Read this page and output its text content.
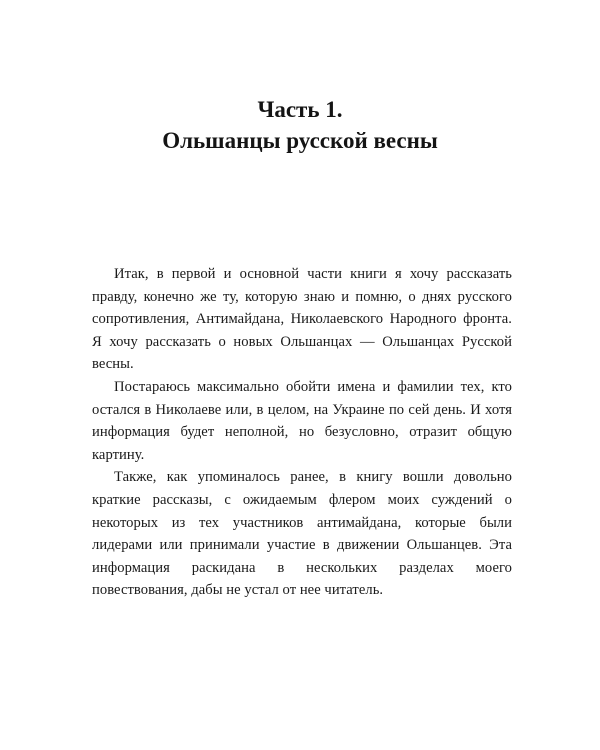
Часть 1.
Ольшанцы русской весны

Итак, в первой и основной части книги я хочу рассказать правду, конечно же ту, которую знаю и помню, о днях русского сопротивления, Антимайдана, Николаевского Народного фронта. Я хочу рассказать о новых Ольшанцах — Ольшанцах Русской весны.

Постараюсь максимально обойти имена и фамилии тех, кто остался в Николаеве или, в целом, на Украине по сей день. И хотя информация будет неполной, но безусловно, отразит общую картину.

Также, как упоминалось ранее, в книгу вошли довольно краткие рассказы, с ожидаемым флером моих суждений о некоторых из тех участников антимайдана, которые были лидерами или принимали участие в движении Ольшанцев. Эта информация раскидана в нескольких разделах моего повествования, дабы не устал от нее читатель.
